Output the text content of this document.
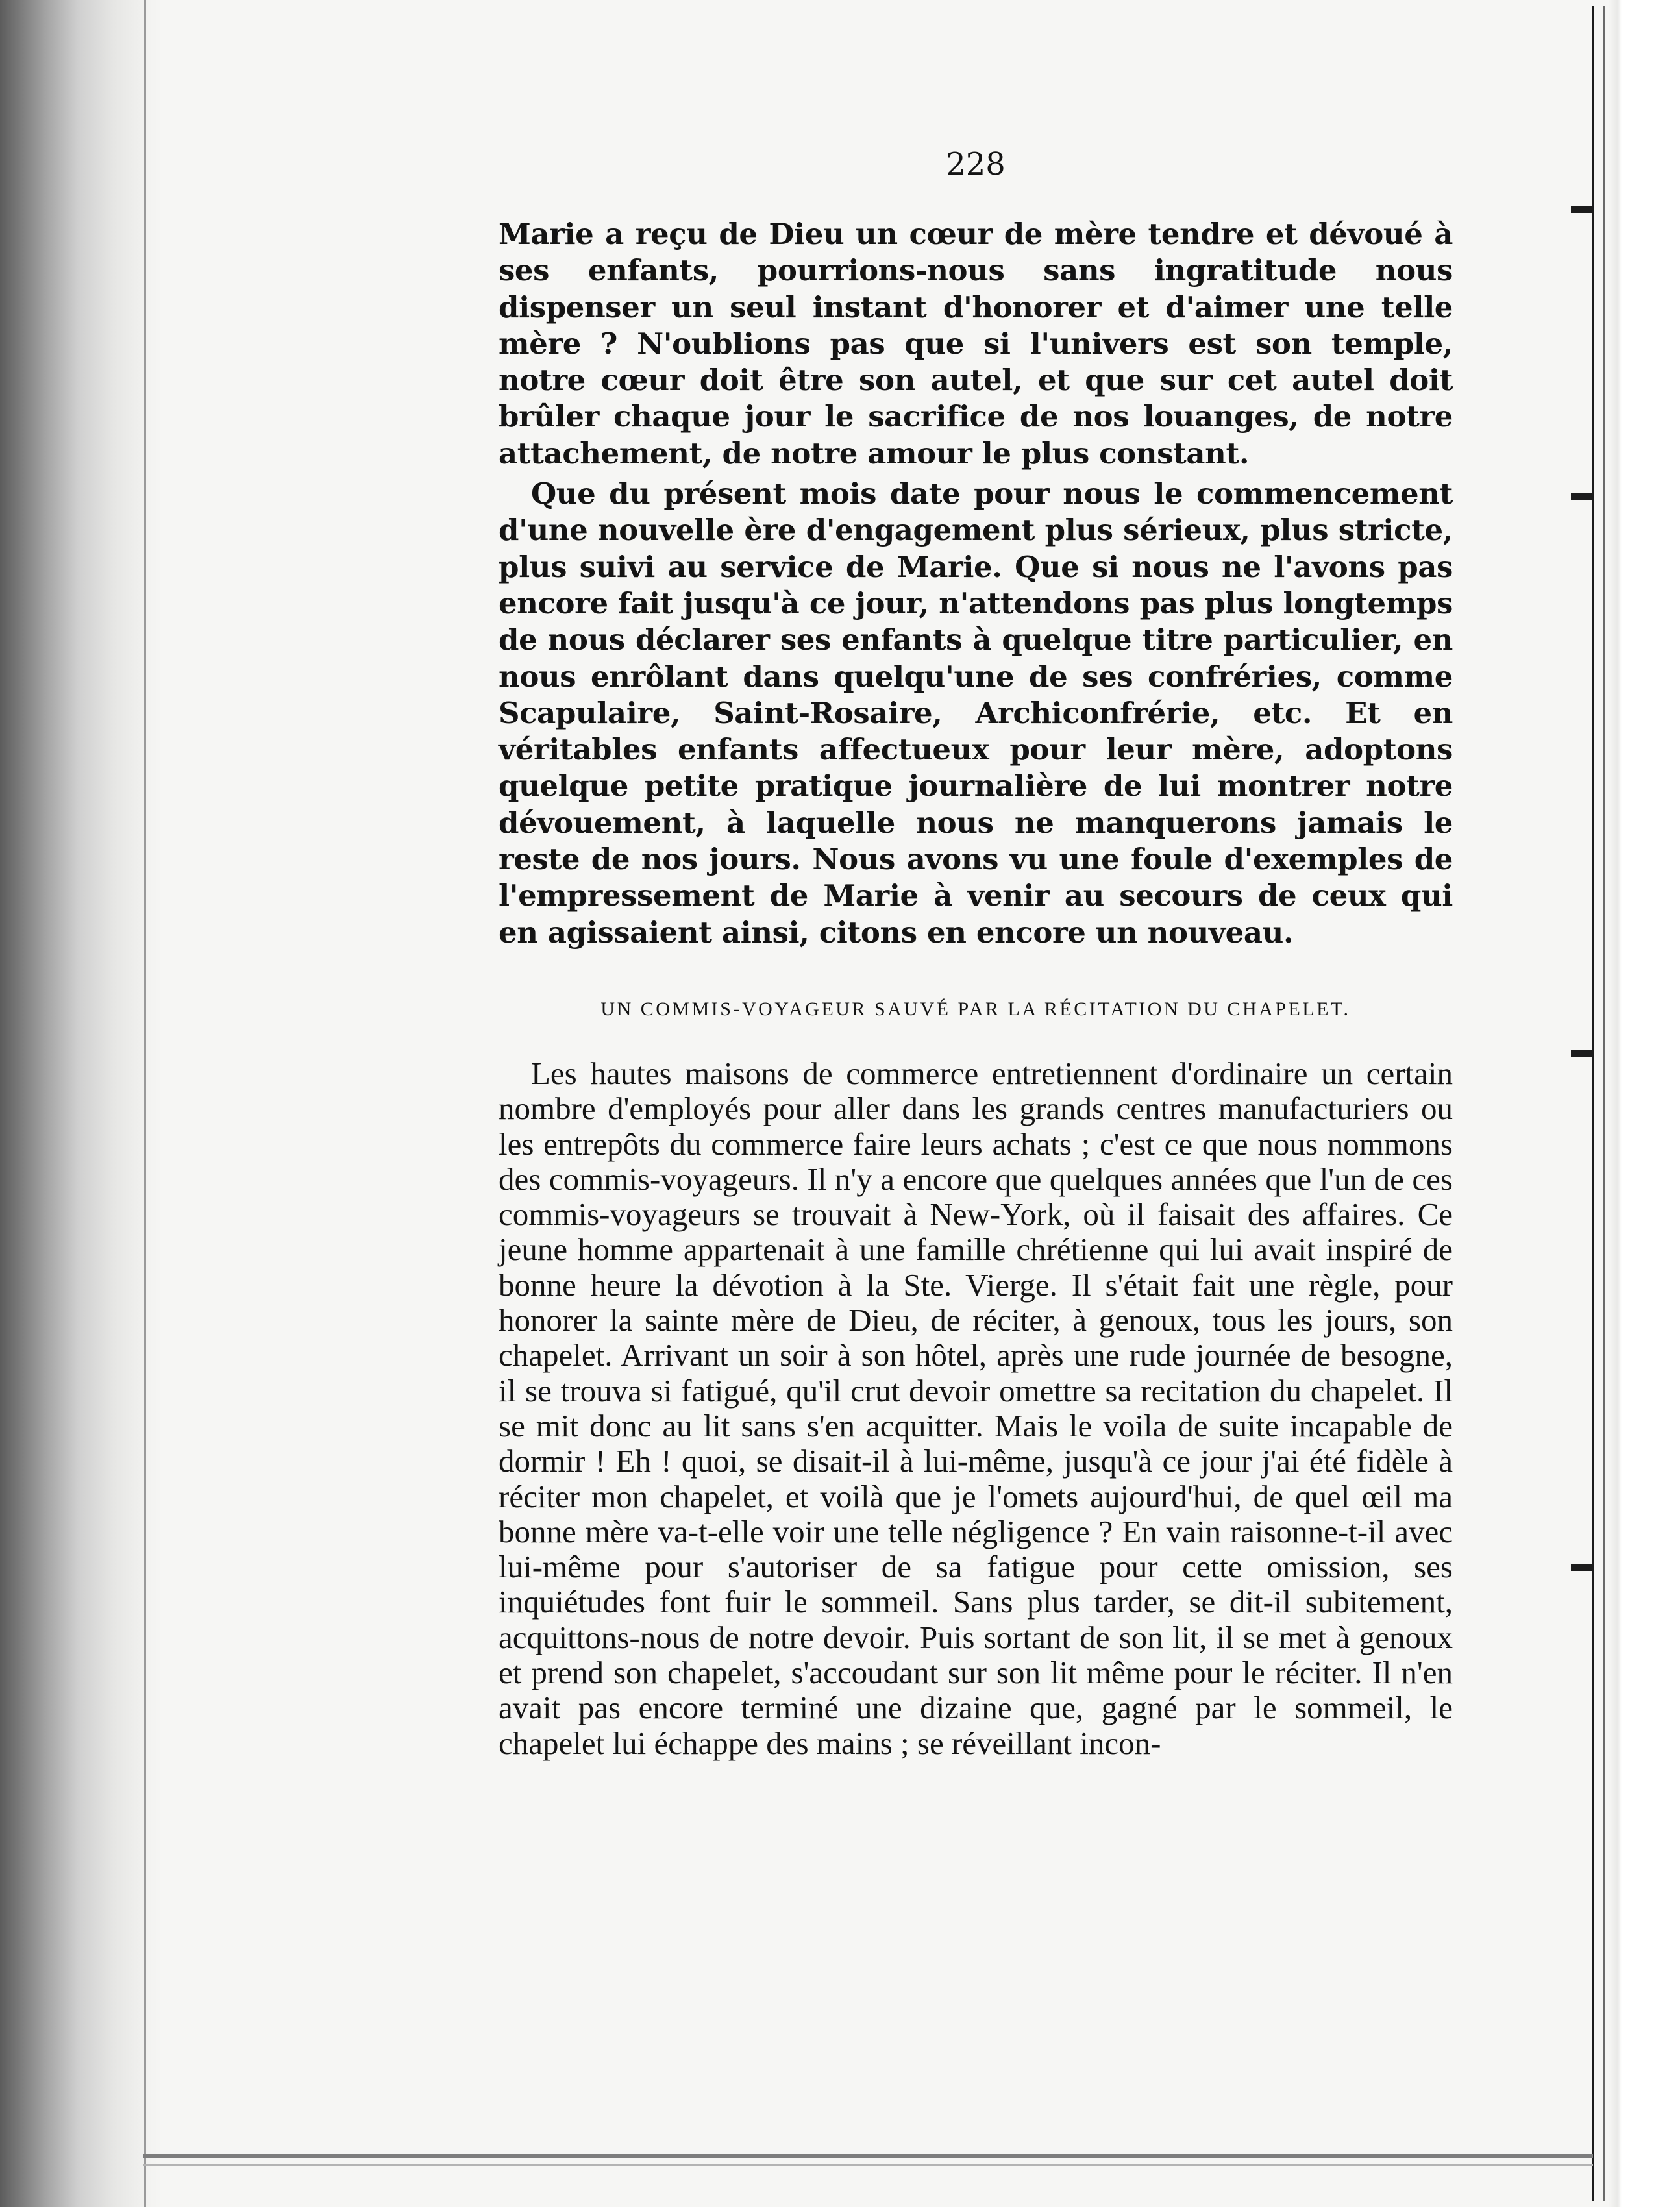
228

Marie a reçu de Dieu un cœur de mère tendre et dévoué à ses enfants, pourrions-nous sans ingratitude nous dispenser un seul instant d'honorer et d'aimer une telle mère ? N'oublions pas que si l'univers est son temple, notre cœur doit être son autel, et que sur cet autel doit brûler chaque jour le sacrifice de nos louanges, de notre attachement, de notre amour le plus constant.

Que du présent mois date pour nous le commencement d'une nouvelle ère d'engagement plus sérieux, plus stricte, plus suivi au service de Marie. Que si nous ne l'avons pas encore fait jusqu'à ce jour, n'attendons pas plus longtemps de nous déclarer ses enfants à quelque titre particulier, en nous enrôlant dans quelqu'une de ses confréries, comme Scapulaire, Saint-Rosaire, Archiconfrérie, etc. Et en véritables enfants affectueux pour leur mère, adoptons quelque petite pratique journalière de lui montrer notre dévouement, à laquelle nous ne manquerons jamais le reste de nos jours. Nous avons vu une foule d'exemples de l'empressement de Marie à venir au secours de ceux qui en agissaient ainsi, citons en encore un nouveau.

UN COMMIS-VOYAGEUR SAUVÉ PAR LA RÉCITATION DU CHAPELET.

Les hautes maisons de commerce entretiennent d'ordinaire un certain nombre d'employés pour aller dans les grands centres manufacturiers ou les entrepôts du commerce faire leurs achats ; c'est ce que nous nommons des commis-voyageurs. Il n'y a encore que quelques années que l'un de ces commis-voyageurs se trouvait à New-York, où il faisait des affaires. Ce jeune homme appartenait à une famille chrétienne qui lui avait inspiré de bonne heure la dévotion à la Ste. Vierge. Il s'était fait une règle, pour honorer la sainte mère de Dieu, de réciter, à genoux, tous les jours, son chapelet. Arrivant un soir à son hôtel, après une rude journée de besogne, il se trouva si fatigué, qu'il crut devoir omettre sa recitation du chapelet. Il se mit donc au lit sans s'en acquitter. Mais le voila de suite incapable de dormir ! Eh ! quoi, se disait-il à lui-même, jusqu'à ce jour j'ai été fidèle à réciter mon chapelet, et voilà que je l'omets aujourd'hui, de quel œil ma bonne mère va-t-elle voir une telle négligence ? En vain raisonne-t-il avec lui-même pour s'autoriser de sa fatigue pour cette omission, ses inquiétudes font fuir le sommeil. Sans plus tarder, se dit-il subitement, acquittons-nous de notre devoir. Puis sortant de son lit, il se met à genoux et prend son chapelet, s'accoudant sur son lit même pour le réciter. Il n'en avait pas encore terminé une dizaine que, gagné par le sommeil, le chapelet lui échappe des mains ; se réveillant incon-
